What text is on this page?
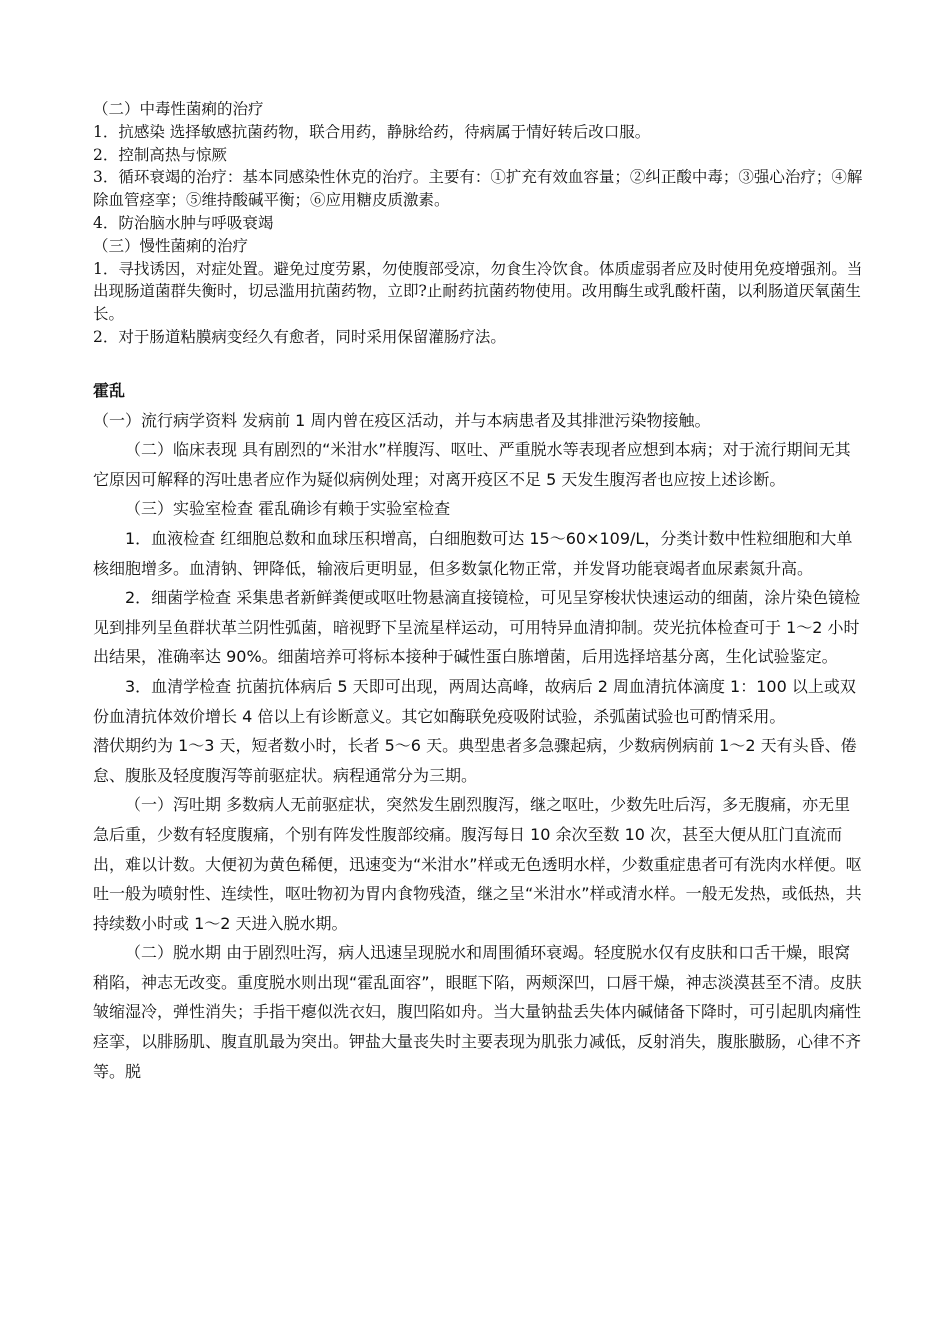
（二）中毒性菌痢的治疗

1．抗感染 选择敏感抗菌药物，联合用药，静脉给药，待病属于情好转后改口服。

2．控制高热与惊厥

3．循环衰竭的治疗：基本同感染性休克的治疗。主要有：①扩充有效血容量；②纠正酸中毒；③强心治疗；④解除血管痉挛；⑤维持酸碱平衡；⑥应用糖皮质激素。

4．防治脑水肿与呼吸衰竭

（三）慢性菌痢的治疗

1．寻找诱因，对症处置。避免过度劳累，勿使腹部受凉，勿食生冷饮食。体质虚弱者应及时使用免疫增强剂。当出现肠道菌群失衡时，切忌滥用抗菌药物，立即?止耐药抗菌药物使用。改用酶生或乳酸杆菌，以利肠道厌氧菌生长。

2．对于肠道粘膜病变经久有愈者，同时采用保留灌肠疗法。

霍乱

（一）流行病学资料 发病前 1 周内曾在疫区活动，并与本病患者及其排泄污染物接触。

（二）临床表现 具有剧烈的“米泔水”样腹泻、呕吐、严重脱水等表现者应想到本病；对于流行期间无其它原因可解释的泻吐患者应作为疑似病例处理；对离开疫区不足 5 天发生腹泻者也应按上述诊断。

（三）实验室检查 霍乱确诊有赖于实验室检查

1．血液检查 红细胞总数和血球压积增高，白细胞数可达 15～60×109/L，分类计数中性粒细胞和大单核细胞增多。血清钠、钾降低，输液后更明显，但多数氯化物正常，并发肾功能衰竭者血尿素氮升高。

2．细菌学检查 采集患者新鲜粪便或呕吐物悬滴直接镜检，可见呈穿梭状快速运动的细菌，涂片染色镜检见到排列呈鱼群状革兰阴性弧菌，暗视野下呈流星样运动，可用特异血清抑制。荧光抗体检查可于 1～2 小时出结果，准确率达 90%。细菌培养可将标本接种于碱性蛋白胨增菌，后用选择培基分离，生化试验鉴定。

3．血清学检查 抗菌抗体病后 5 天即可出现，两周达高峰，故病后 2 周血清抗体滴度 1：100 以上或双份血清抗体效价增长 4 倍以上有诊断意义。其它如酶联免疫吸附试验，杀弧菌试验也可酌情采用。

潜伏期约为 1～3 天，短者数小时，长者 5～6 天。典型患者多急骤起病，少数病例病前 1～2 天有头昏、倦怠、腹胀及轻度腹泻等前驱症状。病程通常分为三期。

（一）泻吐期 多数病人无前驱症状，突然发生剧烈腹泻，继之呕吐，少数先吐后泻，多无腹痛，亦无里急后重，少数有轻度腹痛，个别有阵发性腹部绞痛。腹泻每日 10 余次至数 10 次，甚至大便从肛门直流而出，难以计数。大便初为黄色稀便，迅速变为“米泔水”样或无色透明水样，少数重症患者可有洗肉水样便。呕吐一般为喷射性、连续性，呕吐物初为胃内食物残渣，继之呈“米泔水”样或清水样。一般无发热，或低热，共持续数小时或 1～2 天进入脱水期。

（二）脱水期 由于剧烈吐泻，病人迅速呈现脱水和周围循环衰竭。轻度脱水仅有皮肤和口舌干燥，眼窝稍陷，神志无改变。重度脱水则出现“霍乱面容”，眼眶下陷，两颊深凹，口唇干燥，神志淡漠甚至不清。皮肤皱缩湿冷，弹性消失；手指干瘪似洗衣妇，腹凹陷如舟。当大量钠盐丢失体内碱储备下降时，可引起肌肉痛性痉挛，以腓肠肌、腹直肌最为突出。钾盐大量丧失时主要表现为肌张力减低，反射消失，腹胀臌肠，心律不齐等。脱
